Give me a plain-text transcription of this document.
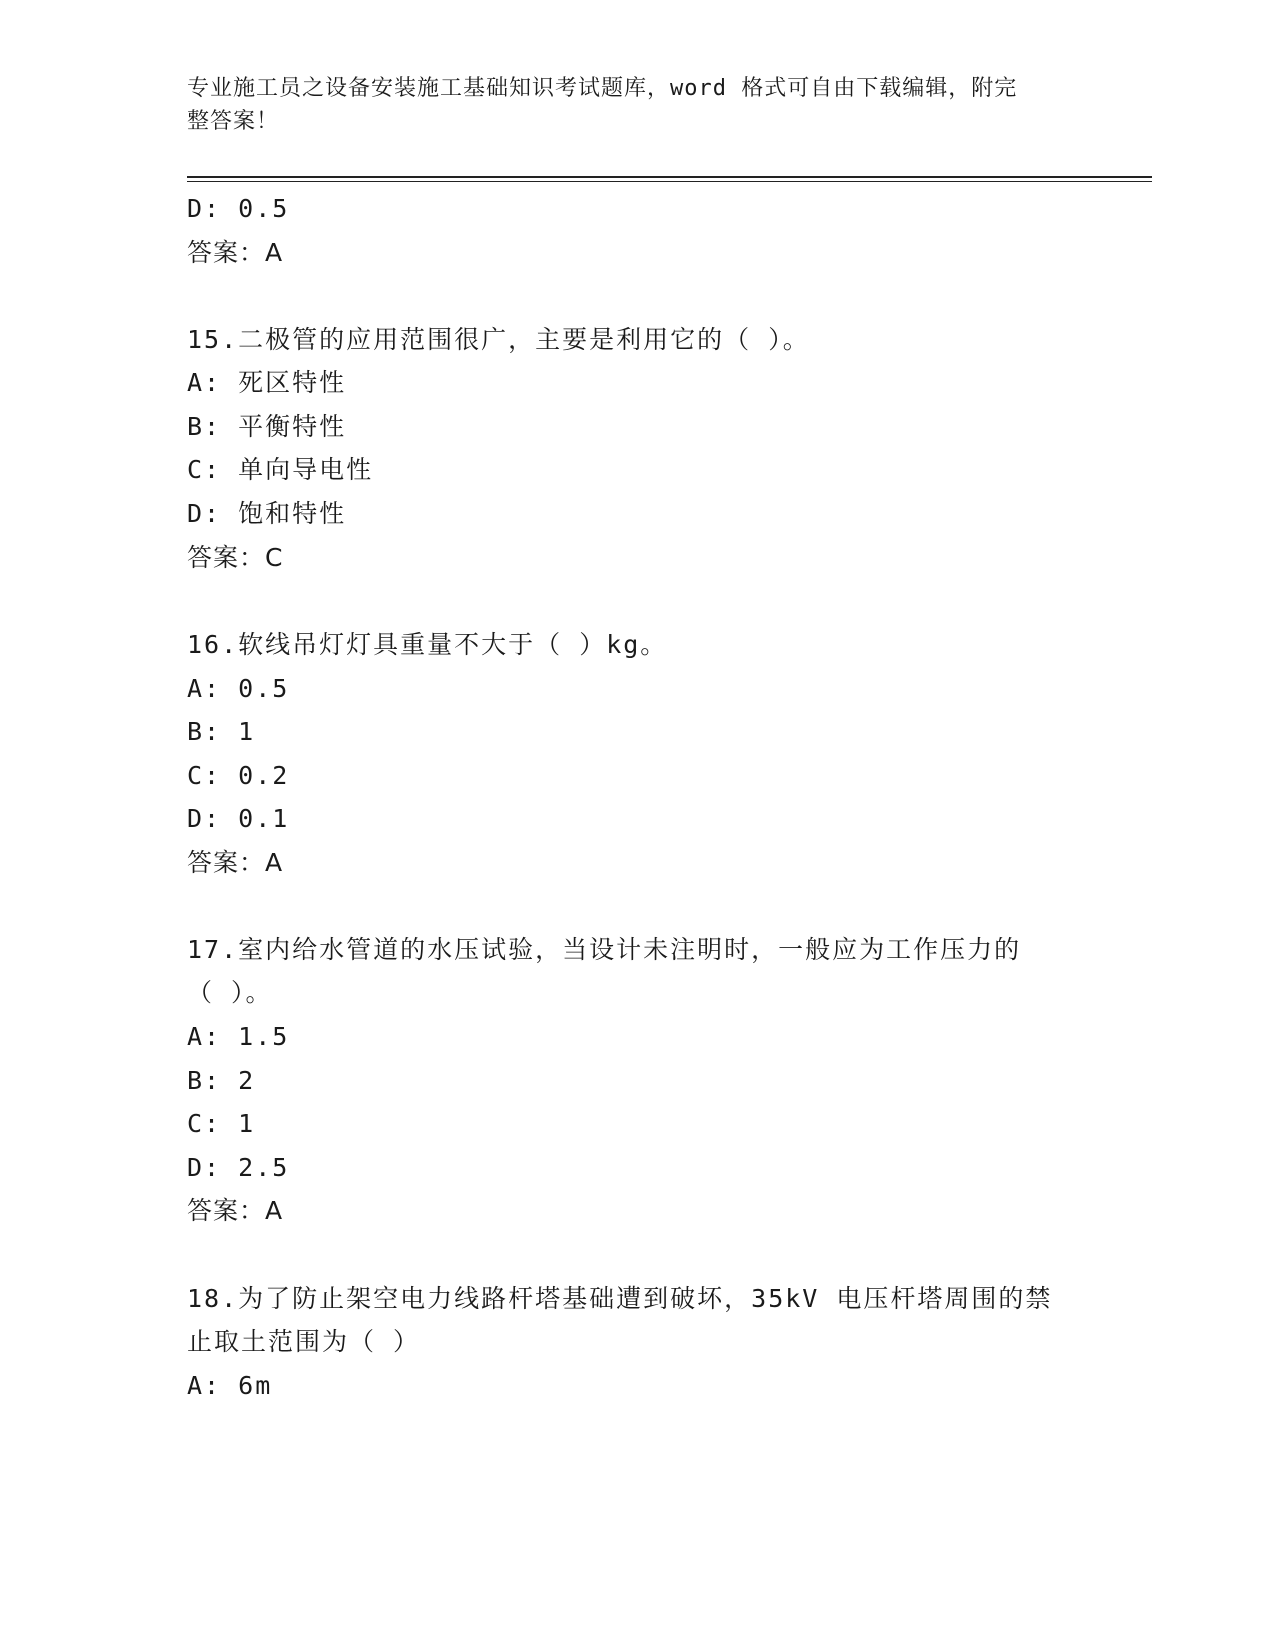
专业施工员之设备安装施工基础知识考试题库，word 格式可自由下载编辑，附完
整答案！
D: 0.5
答案：A
15.二极管的应用范围很广，主要是利用它的（ ）。
A: 死区特性
B: 平衡特性
C: 单向导电性
D: 饱和特性
答案：C
16.软线吊灯灯具重量不大于（ ）kg。
A: 0.5
B: 1
C: 0.2
D: 0.1
答案：A
17.室内给水管道的水压试验，当设计未注明时，一般应为工作压力的
（ ）。
A: 1.5
B: 2
C: 1
D: 2.5
答案：A
18.为了防止架空电力线路杆塔基础遭到破坏，35kV 电压杆塔周围的禁
止取土范围为（ ）
A: 6m
